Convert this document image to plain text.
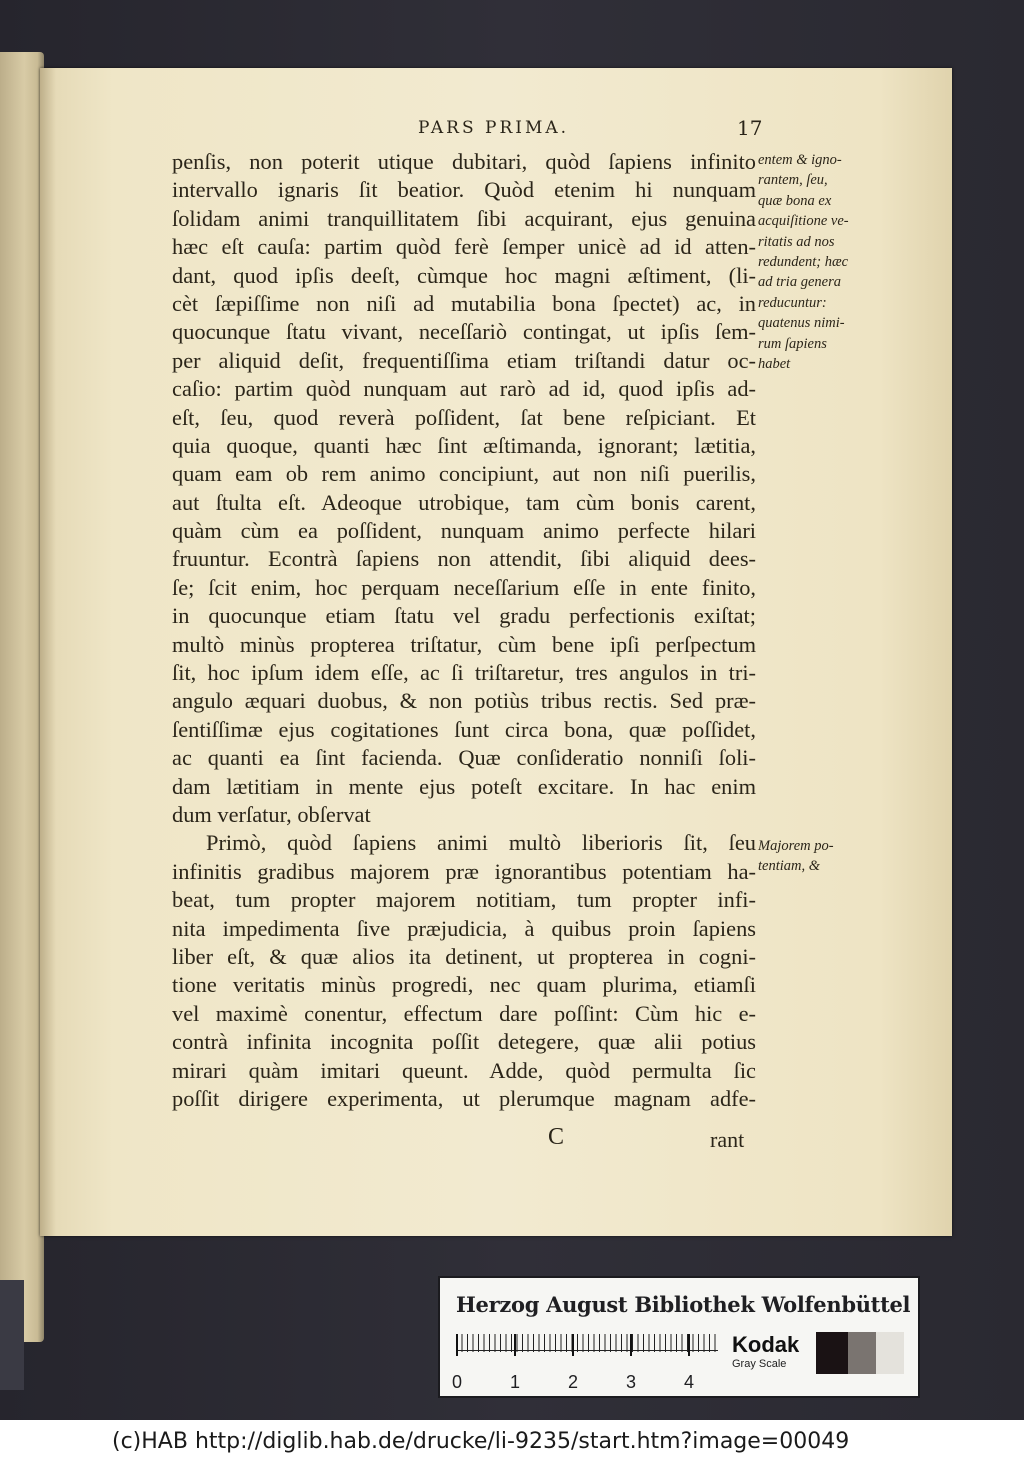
PARS PRIMA.	17
penſis, non poterit utique dubitari, quòd ſapiens infinito
intervallo ignaris ſit beatior. Quòd etenim hi nunquam
ſolidam animi tranquillitatem ſibi acquirant, ejus genuina
hæc eſt cauſa: partim quòd ferè ſemper unicè ad id atten-
dant, quod ipſis deeſt, cùmque hoc magni æſtiment, (li-
cèt ſæpiſſime non niſi ad mutabilia bona ſpectet) ac, in
quocunque ſtatu vivant, neceſſariò contingat, ut ipſis ſem-
per aliquid deſit, frequentiſſima etiam triſtandi datur oc-
caſio: partim quòd nunquam aut rarò ad id, quod ipſis ad-
eſt, ſeu, quod reverà poſſident, ſat bene reſpiciant. Et
quia quoque, quanti hæc ſint æſtimanda, ignorant; lætitia,
quam eam ob rem animo concipiunt, aut non niſi puerilis,
aut ſtulta eſt. Adeoque utrobique, tam cùm bonis carent,
quàm cùm ea poſſident, nunquam animo perfecte hilari
fruuntur. Econtrà ſapiens non attendit, ſibi aliquid dees-
ſe; ſcit enim, hoc perquam neceſſarium eſſe in ente finito,
in quocunque etiam ſtatu vel gradu perfectionis exiſtat;
multò minùs propterea triſtatur, cùm bene ipſi perſpectum
ſit, hoc ipſum idem eſſe, ac ſi triſtaretur, tres angulos in tri-
angulo æquari duobus, & non potiùs tribus rectis. Sed præ-
ſentiſſimæ ejus cogitationes ſunt circa bona, quæ poſſidet,
ac quanti ea ſint facienda. Quæ conſideratio nonniſi ſoli-
dam lætitiam in mente ejus poteſt excitare. In hac enim
dum verſatur, obſervat
Primò, quòd ſapiens animi multò liberioris ſit, ſeu
infinitis gradibus majorem præ ignorantibus potentiam ha-
beat, tum propter majorem notitiam, tum propter infi-
nita impedimenta ſive præjudicia, à quibus proin ſapiens
liber eſt, & quæ alios ita detinent, ut propterea in cogni-
tione veritatis minùs progredi, nec quam plurima, etiamſi
vel maximè conentur, effectum dare poſſint: Cùm hic e-
contrà infinita incognita poſſit detegere, quæ alii potius
mirari quàm imitari queunt. Adde, quòd permulta ſic
poſſit dirigere experimenta, ut plerumque magnam adfe-
entem & igno-
rantem, ſeu,
quæ bona ex
acquiſitione ve-
ritatis ad nos
redundent; hæc
ad tria genera
reducuntur:
quatenus nimi-
rum ſapiens
habet
Majorem po-
tentiam, &
C	rant
Herzog August Bibliothek Wolfenbüttel
0	1	2	3	4
Kodak
Gray Scale
(c)HAB http://diglib.hab.de/drucke/li-9235/start.htm?image=00049
